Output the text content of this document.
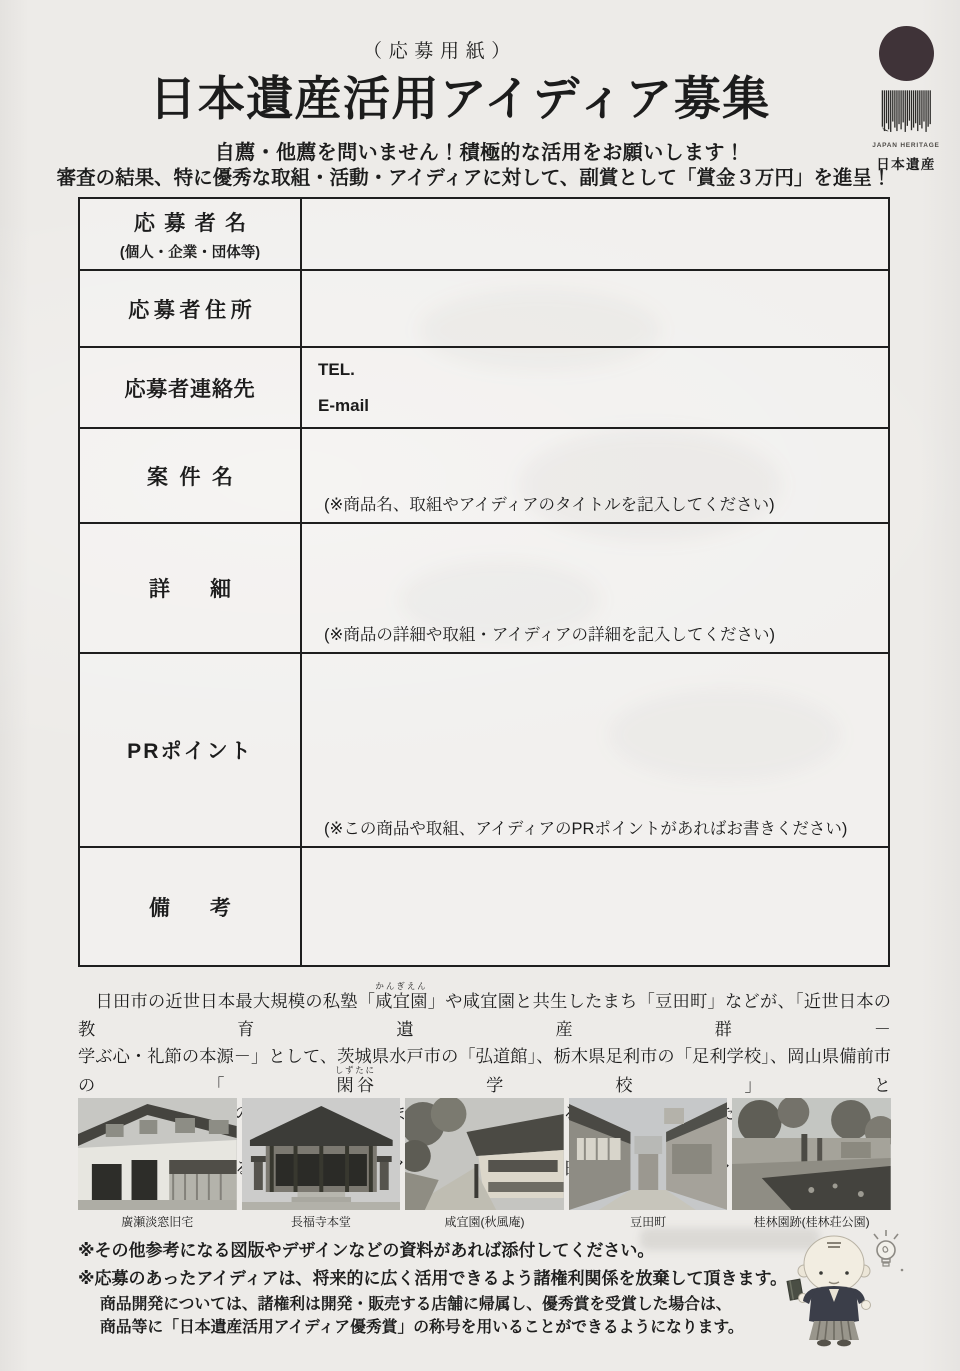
（応募用紙）
日本遺産活用アイディア募集
自薦・他薦を問いません！積極的な活用をお願いします！
審査の結果、特に優秀な取組・活動・アイディアに対して、副賞として「賞金３万円」を進呈！
JAPAN HERITAGE
日本遺産
応募者名
(個人・企業・団体等)
応募者住所
応募者連絡先
TEL.
E-mail
案件名
(※商品名、取組やアイディアのタイトルを記入してください)
詳細
(※商品の詳細や取組・アイディアの詳細を記入してください)
PRポイント
(※この商品や取組、アイディアのPRポイントがあればお書きください)
備考
　日田市の近世日本最大規模の私塾「咸宜園かんぎえん」や咸宜園と共生したまち「豆田町」などが、「近世日本の教育遺産群－
学ぶ心・礼節の本源－」として、茨城県水戸市の「弘道館」、栃木県足利市の「足利学校」、岡山県備前市の「閑谷しずたに学校」と
廣瀬淡窓旧宅	長福寺本堂	咸宜園(秋風庵)	豆田町	桂林園跡(桂林荘公園)
※その他参考になる図版やデザインなどの資料があれば添付してください。
※応募のあったアイディアは、将来的に広く活用できるよう諸権利関係を放棄して頂きます。
商品開発については、諸権利は開発・販売する店舗に帰属し、優秀賞を受賞した場合は、
商品等に「日本遺産活用アイディア優秀賞」の称号を用いることができるようになります。
